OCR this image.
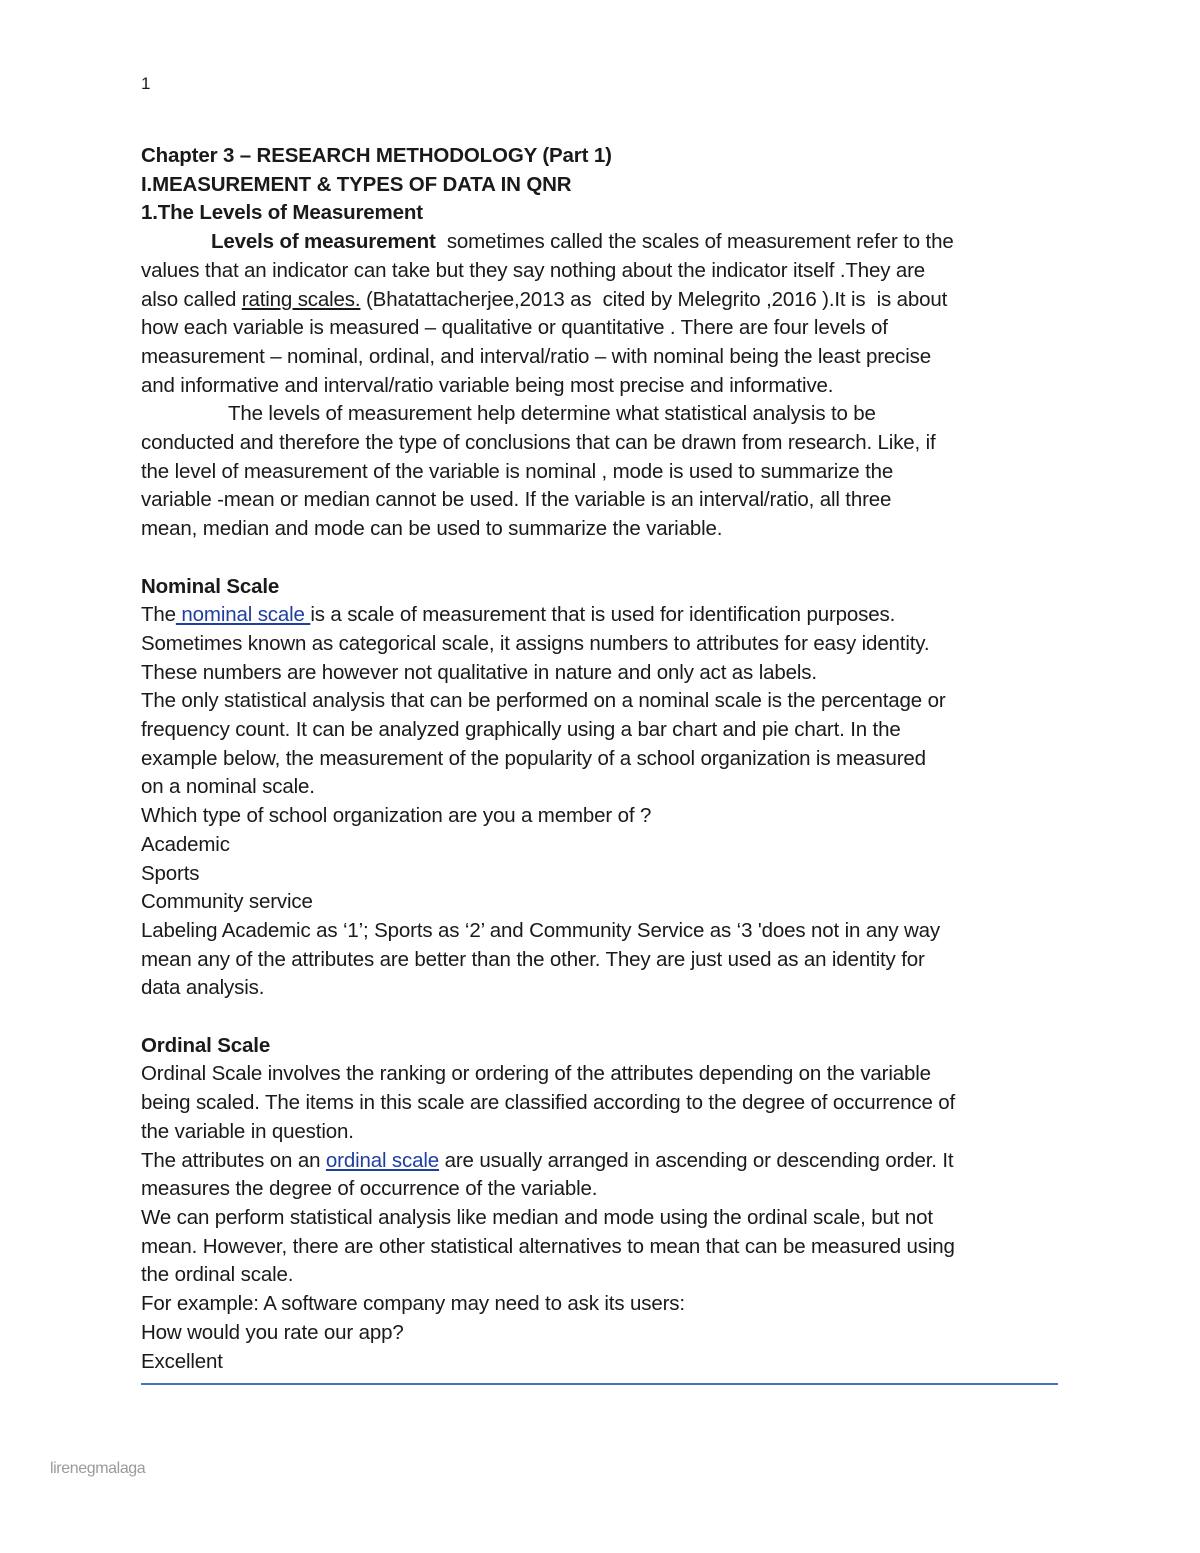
1
Chapter 3 – RESEARCH METHODOLOGY (Part 1)
I.MEASUREMENT & TYPES OF DATA IN QNR
1.The Levels of Measurement
Levels of measurement  sometimes called the scales of measurement refer to the
values that an indicator can take but they say nothing about the indicator itself .They are
also called rating scales. (Bhatattacherjee,2013 as  cited by Melegrito ,2016 ).It is  is about
how each variable is measured – qualitative or quantitative . There are four levels of
measurement – nominal, ordinal, and interval/ratio – with nominal being the least precise
and informative and interval/ratio variable being most precise and informative.
The levels of measurement help determine what statistical analysis to be
conducted and therefore the type of conclusions that can be drawn from research. Like, if
the level of measurement of the variable is nominal , mode is used to summarize the
variable -mean or median cannot be used. If the variable is an interval/ratio, all three
mean, median and mode can be used to summarize the variable.
Nominal Scale
The nominal scale is a scale of measurement that is used for identification purposes.
Sometimes known as categorical scale, it assigns numbers to attributes for easy identity.
These numbers are however not qualitative in nature and only act as labels.
The only statistical analysis that can be performed on a nominal scale is the percentage or
frequency count. It can be analyzed graphically using a bar chart and pie chart. In the
example below, the measurement of the popularity of a school organization is measured
on a nominal scale.
Which type of school organization are you a member of ?
Academic
Sports
Community service
Labeling Academic as ‘1’; Sports as ‘2’ and Community Service as ‘3 'does not in any way
mean any of the attributes are better than the other. They are just used as an identity for
data analysis.
Ordinal Scale
Ordinal Scale involves the ranking or ordering of the attributes depending on the variable
being scaled. The items in this scale are classified according to the degree of occurrence of
the variable in question.
The attributes on an ordinal scale are usually arranged in ascending or descending order. It
measures the degree of occurrence of the variable.
We can perform statistical analysis like median and mode using the ordinal scale, but not
mean. However, there are other statistical alternatives to mean that can be measured using
the ordinal scale.
For example: A software company may need to ask its users:
How would you rate our app?
Excellent
lirenegmalaga
